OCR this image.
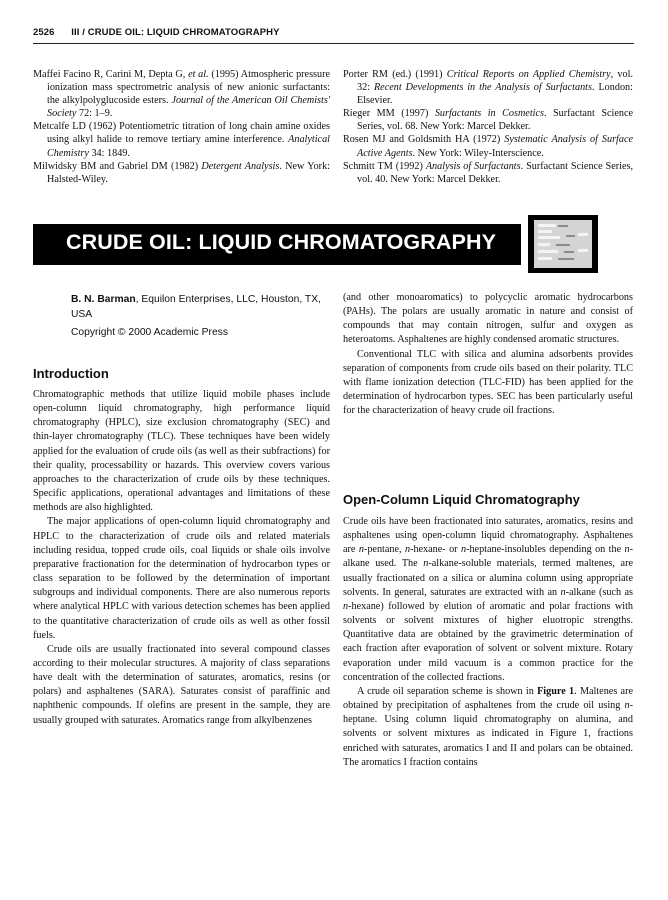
2526 III / CRUDE OIL: LIQUID CHROMATOGRAPHY

Maffei Facino R, Carini M, Depta G, et al. (1995) Atmospheric pressure ionization mass spectrometric analysis of new anionic surfactants: the alkylpolyglucoside esters. Journal of the American Oil Chemists' Society 72: 1–9.

Metcalfe LD (1962) Potentiometric titration of long chain amine oxides using alkyl halide to remove tertiary amine interference. Analytical Chemistry 34: 1849.

Milwidsky BM and Gabriel DM (1982) Detergent Analysis. New York: Halsted-Wiley.

Porter RM (ed.) (1991) Critical Reports on Applied Chemistry, vol. 32: Recent Developments in the Analysis of Surfactants. London: Elsevier.

Rieger MM (1997) Surfactants in Cosmetics. Surfactant Science Series, vol. 68. New York: Marcel Dekker.

Rosen MJ and Goldsmith HA (1972) Systematic Analysis of Surface Active Agents. New York: Wiley-Interscience.

Schmitt TM (1992) Analysis of Surfactants. Surfactant Science Series, vol. 40. New York: Marcel Dekker.

CRUDE OIL: LIQUID CHROMATOGRAPHY
B. N. Barman, Equilon Enterprises, LLC, Houston, TX, USA
Copyright © 2000 Academic Press
Introduction

Chromatographic methods that utilize liquid mobile phases include open-column liquid chromatography, high performance liquid chromatography (HPLC), size exclusion chromatography (SEC) and thin-layer chromatography (TLC). These techniques have been widely applied for the evaluation of crude oils (as well as their subfractions) for their quality, processability or hazards. This overview covers various approaches to the characterization of crude oils by these techniques. Specific applications, operational advantages and limitations of these methods are also highlighted.

The major applications of open-column liquid chromatography and HPLC to the characterization of crude oils and related materials including residua, topped crude oils, coal liquids or shale oils involve preparative fractionation for the determination of hydrocarbon types or class separation to be followed by the determination of important subgroups and individual components. There are also numerous reports where analytical HPLC with various detection schemes has been applied to the quantitative characterization of crude oils as well as other fossil fuels.

Crude oils are usually fractionated into several compound classes according to their molecular structures. A majority of class separations have dealt with the determination of saturates, aromatics, resins (or polars) and asphaltenes (SARA). Saturates consist of paraffinic and naphthenic compounds. If olefins are present in the sample, they are usually grouped with saturates. Aromatics range from alkylbenzenes

(and other monoaromatics) to polycyclic aromatic hydrocarbons (PAHs). The polars are usually aromatic in nature and consist of compounds that may contain nitrogen, sulfur and oxygen as heteroatoms. Asphaltenes are highly condensed aromatic structures.

Conventional TLC with silica and alumina adsorbents provides separation of components from crude oils based on their polarity. TLC with flame ionization detection (TLC-FID) has been applied for the determination of hydrocarbon types. SEC has been particularly useful for the characterization of heavy crude oil fractions.

Open-Column Liquid Chromatography

Crude oils have been fractionated into saturates, aromatics, resins and asphaltenes using open-column liquid chromatography. Asphaltenes are n-pentane, n-hexane- or n-heptane-insolubles depending on the n-alkane used. The n-alkane-soluble materials, termed maltenes, are usually fractionated on a silica or alumina column using appropriate solvents. In general, saturates are extracted with an n-alkane (such as n-hexane) followed by elution of aromatic and polar fractions with solvents or solvent mixtures of higher eluotropic strengths. Quantitative data are obtained by the gravimetric determination of each fraction after evaporation of solvent or solvent mixture. Rotary evaporation under mild vacuum is a common practice for the concentration of the collected fractions.

A crude oil separation scheme is shown in Figure 1. Maltenes are obtained by precipitation of asphaltenes from the crude oil using n-heptane. Using column liquid chromatography on alumina, and solvents or solvent mixtures as indicated in Figure 1, fractions enriched with saturates, aromatics I and II and polars can be obtained. The aromatics I fraction contains
